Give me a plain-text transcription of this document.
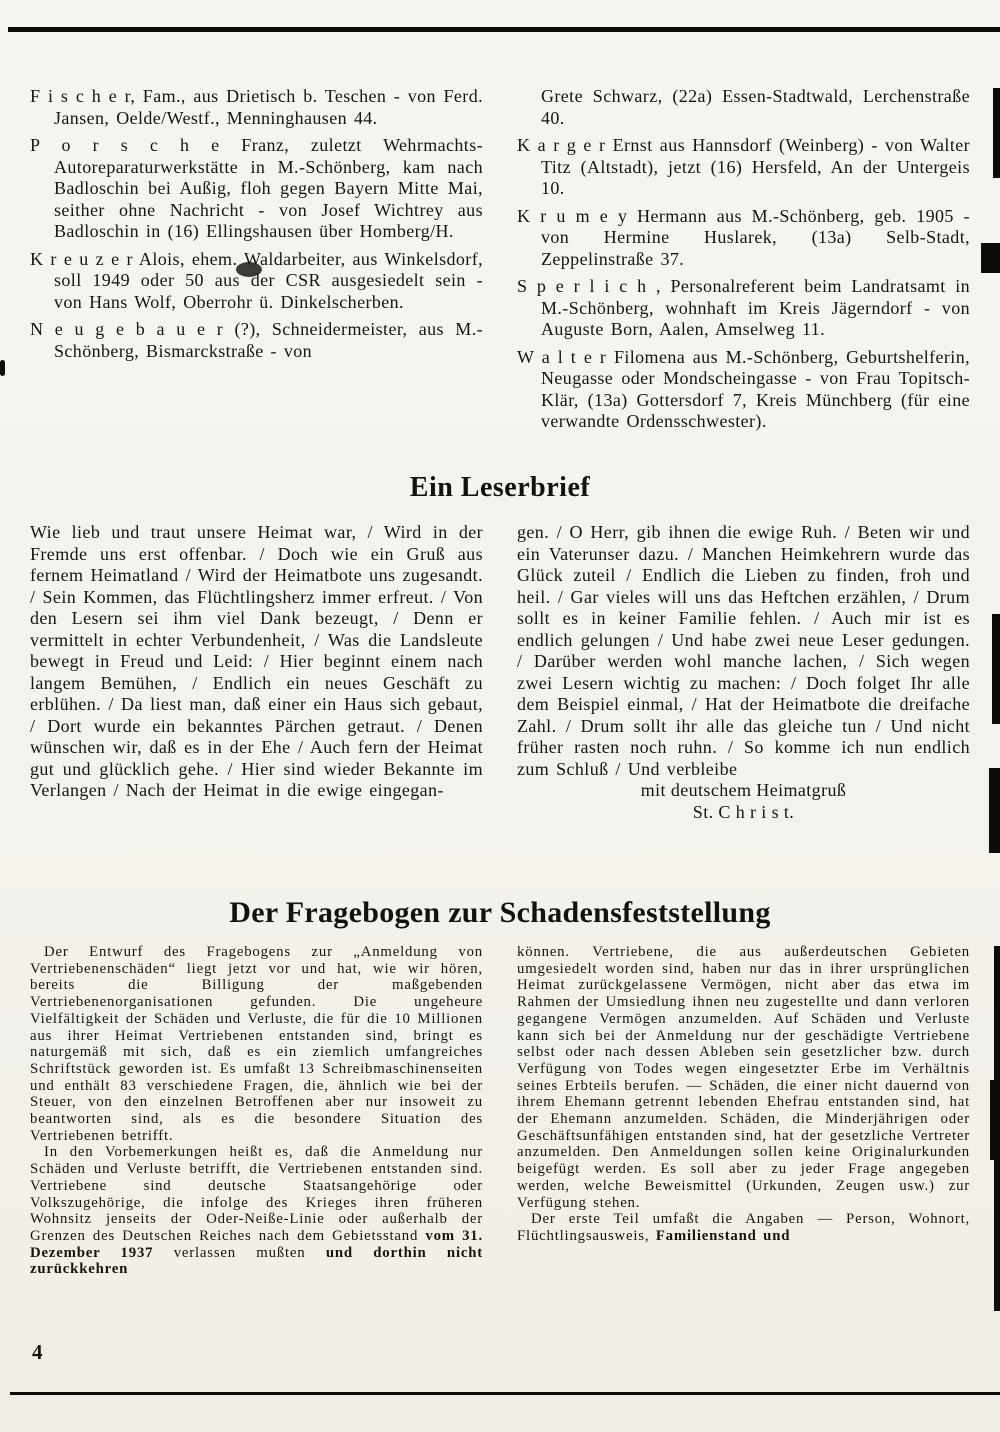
F i s c h e r, Fam., aus Drietisch b. Teschen - von Ferd. Jansen, Oelde/Westf., Menninghausen 44.

P o r s c h e Franz, zuletzt Wehrmachts-Autoreparaturwerkstätte in M.-Schönberg, kam nach Badloschin bei Außig, floh gegen Bayern Mitte Mai, seither ohne Nachricht - von Josef Wichtrey aus Badloschin in (16) Ellingshausen über Homberg/H.

K r e u z e r Alois, ehem. Waldarbeiter, aus Winkelsdorf, soll 1949 oder 50 aus der CSR ausgesiedelt sein - von Hans Wolf, Oberrohr ü. Dinkelscherben.

N e u g e b a u e r (?), Schneidermeister, aus M.-Schönberg, Bismarckstraße - von

Grete Schwarz, (22a) Essen-Stadtwald, Lerchenstraße 40.

K a r g e r Ernst aus Hannsdorf (Weinberg) - von Walter Titz (Altstadt), jetzt (16) Hersfeld, An der Untergeis 10.

K r u m e y Hermann aus M.-Schönberg, geb. 1905 - von Hermine Huslarek, (13a) Selb-Stadt, Zeppelinstraße 37.

S p e r l i c h , Personalreferent beim Landratsamt in M.-Schönberg, wohnhaft im Kreis Jägerndorf - von Auguste Born, Aalen, Amselweg 11.

W a l t e r Filomena aus M.-Schönberg, Geburtshelferin, Neugasse oder Mondscheingasse - von Frau Topitsch-Klär, (13a) Gottersdorf 7, Kreis Münchberg (für eine verwandte Ordensschwester).

Ein Leserbrief

Wie lieb und traut unsere Heimat war, / Wird in der Fremde uns erst offenbar. / Doch wie ein Gruß aus fernem Heimatland / Wird der Heimatbote uns zugesandt. / Sein Kommen, das Flüchtlingsherz immer erfreut. / Von den Lesern sei ihm viel Dank bezeugt, / Denn er vermittelt in echter Verbundenheit, / Was die Landsleute bewegt in Freud und Leid: / Hier beginnt einem nach langem Bemühen, / Endlich ein neues Geschäft zu erblühen. / Da liest man, daß einer ein Haus sich gebaut, / Dort wurde ein bekanntes Pärchen getraut. / Denen wünschen wir, daß es in der Ehe / Auch fern der Heimat gut und glücklich gehe. / Hier sind wieder Bekannte im Verlangen / Nach der Heimat in die ewige eingegan-

gen. / O Herr, gib ihnen die ewige Ruh. / Beten wir und ein Vaterunser dazu. / Manchen Heimkehrern wurde das Glück zuteil / Endlich die Lieben zu finden, froh und heil. / Gar vieles will uns das Heftchen erzählen, / Drum sollt es in keiner Familie fehlen. / Auch mir ist es endlich gelungen / Und habe zwei neue Leser gedungen. / Darüber werden wohl manche lachen, / Sich wegen zwei Lesern wichtig zu machen: / Doch folget Ihr alle dem Beispiel einmal, / Hat der Heimatbote die dreifache Zahl. / Drum sollt ihr alle das gleiche tun / Und nicht früher rasten noch ruhn. / So komme ich nun endlich zum Schluß / Und verbleibe

mit deutschem Heimatgruß

St. C h r i s t.

Der Fragebogen zur Schadensfeststellung

Der Entwurf des Fragebogens zur „Anmeldung von Vertriebenenschäden“ liegt jetzt vor und hat, wie wir hören, bereits die Billigung der maßgebenden Vertriebenenorganisationen gefunden. Die ungeheure Vielfältigkeit der Schäden und Verluste, die für die 10 Millionen aus ihrer Heimat Vertriebenen entstanden sind, bringt es naturgemäß mit sich, daß es ein ziemlich umfangreiches Schriftstück geworden ist. Es umfaßt 13 Schreibmaschinenseiten und enthält 83 verschiedene Fragen, die, ähnlich wie bei der Steuer, von den einzelnen Betroffenen aber nur insoweit zu beantworten sind, als es die besondere Situation des Vertriebenen betrifft.

In den Vorbemerkungen heißt es, daß die Anmeldung nur Schäden und Verluste betrifft, die Vertriebenen entstanden sind. Vertriebene sind deutsche Staatsangehörige oder Volkszugehörige, die infolge des Krieges ihren früheren Wohnsitz jenseits der Oder-Neiße-Linie oder außerhalb der Grenzen des Deutschen Reiches nach dem Gebietsstand vom 31. Dezember 1937 verlassen mußten und dorthin nicht zurückkehren

können. Vertriebene, die aus außerdeutschen Gebieten umgesiedelt worden sind, haben nur das in ihrer ursprünglichen Heimat zurückgelassene Vermögen, nicht aber das etwa im Rahmen der Umsiedlung ihnen neu zugestellte und dann verloren gegangene Vermögen anzumelden. Auf Schäden und Verluste kann sich bei der Anmeldung nur der geschädigte Vertriebene selbst oder nach dessen Ableben sein gesetzlicher bzw. durch Verfügung von Todes wegen eingesetzter Erbe im Verhältnis seines Erbteils berufen. — Schäden, die einer nicht dauernd von ihrem Ehemann getrennt lebenden Ehefrau entstanden sind, hat der Ehemann anzumelden. Schäden, die Minderjährigen oder Geschäftsunfähigen entstanden sind, hat der gesetzliche Vertreter anzumelden. Den Anmeldungen sollen keine Originalurkunden beigefügt werden. Es soll aber zu jeder Frage angegeben werden, welche Beweismittel (Urkunden, Zeugen usw.) zur Verfügung stehen.

Der erste Teil umfaßt die Angaben — Person, Wohnort, Flüchtlingsausweis, Familienstand und

4
